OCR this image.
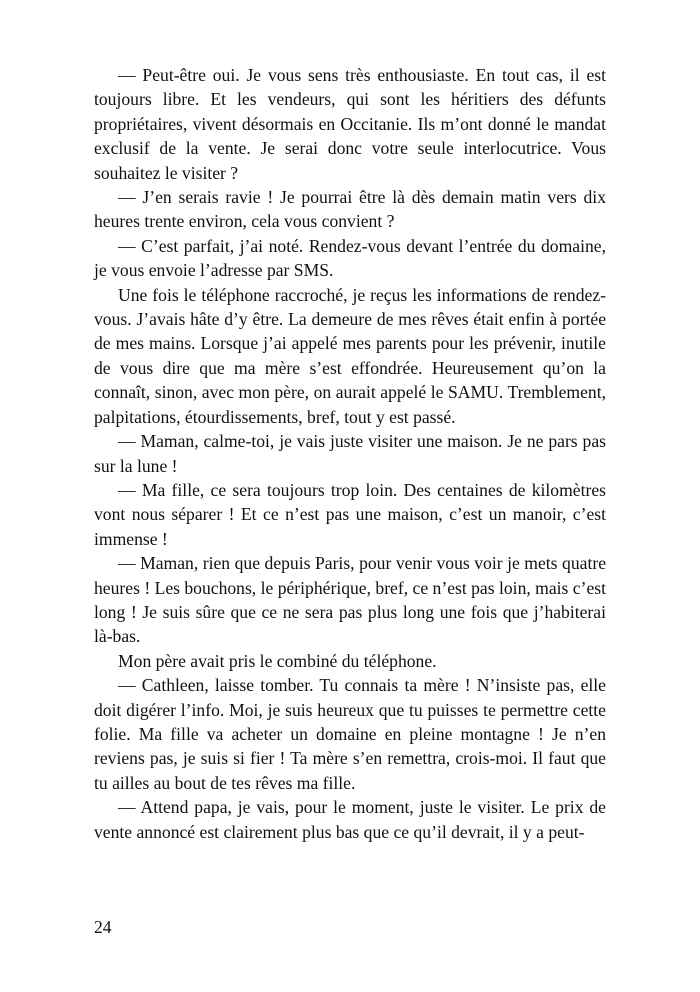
— Peut-être oui. Je vous sens très enthousiaste. En tout cas, il est toujours libre. Et les vendeurs, qui sont les héritiers des défunts propriétaires, vivent désormais en Occitanie. Ils m’ont donné le mandat exclusif de la vente. Je serai donc votre seule interlocutrice. Vous souhaitez le visiter ?

— J’en serais ravie ! Je pourrai être là dès demain matin vers dix heures trente environ, cela vous convient ?

— C’est parfait, j’ai noté. Rendez-vous devant l’entrée du domaine, je vous envoie l’adresse par SMS.

Une fois le téléphone raccroché, je reçus les informations de rendez-vous. J’avais hâte d’y être. La demeure de mes rêves était enfin à portée de mes mains. Lorsque j’ai appelé mes parents pour les prévenir, inutile de vous dire que ma mère s’est effondrée. Heureusement qu’on la connaît, sinon, avec mon père, on aurait appelé le SAMU. Tremblement, palpitations, étourdissements, bref, tout y est passé.

— Maman, calme-toi, je vais juste visiter une maison. Je ne pars pas sur la lune !

— Ma fille, ce sera toujours trop loin. Des centaines de kilomètres vont nous séparer ! Et ce n’est pas une maison, c’est un manoir, c’est immense !

— Maman, rien que depuis Paris, pour venir vous voir je mets quatre heures ! Les bouchons, le périphérique, bref, ce n’est pas loin, mais c’est long ! Je suis sûre que ce ne sera pas plus long une fois que j’habiterai là-bas.

Mon père avait pris le combiné du téléphone.

— Cathleen, laisse tomber. Tu connais ta mère ! N’insiste pas, elle doit digérer l’info. Moi, je suis heureux que tu puisses te permettre cette folie. Ma fille va acheter un domaine en pleine montagne ! Je n’en reviens pas, je suis si fier ! Ta mère s’en remettra, crois-moi. Il faut que tu ailles au bout de tes rêves ma fille.

— Attend papa, je vais, pour le moment, juste le visiter. Le prix de vente annoncé est clairement plus bas que ce qu’il devrait, il y a peut-

24
